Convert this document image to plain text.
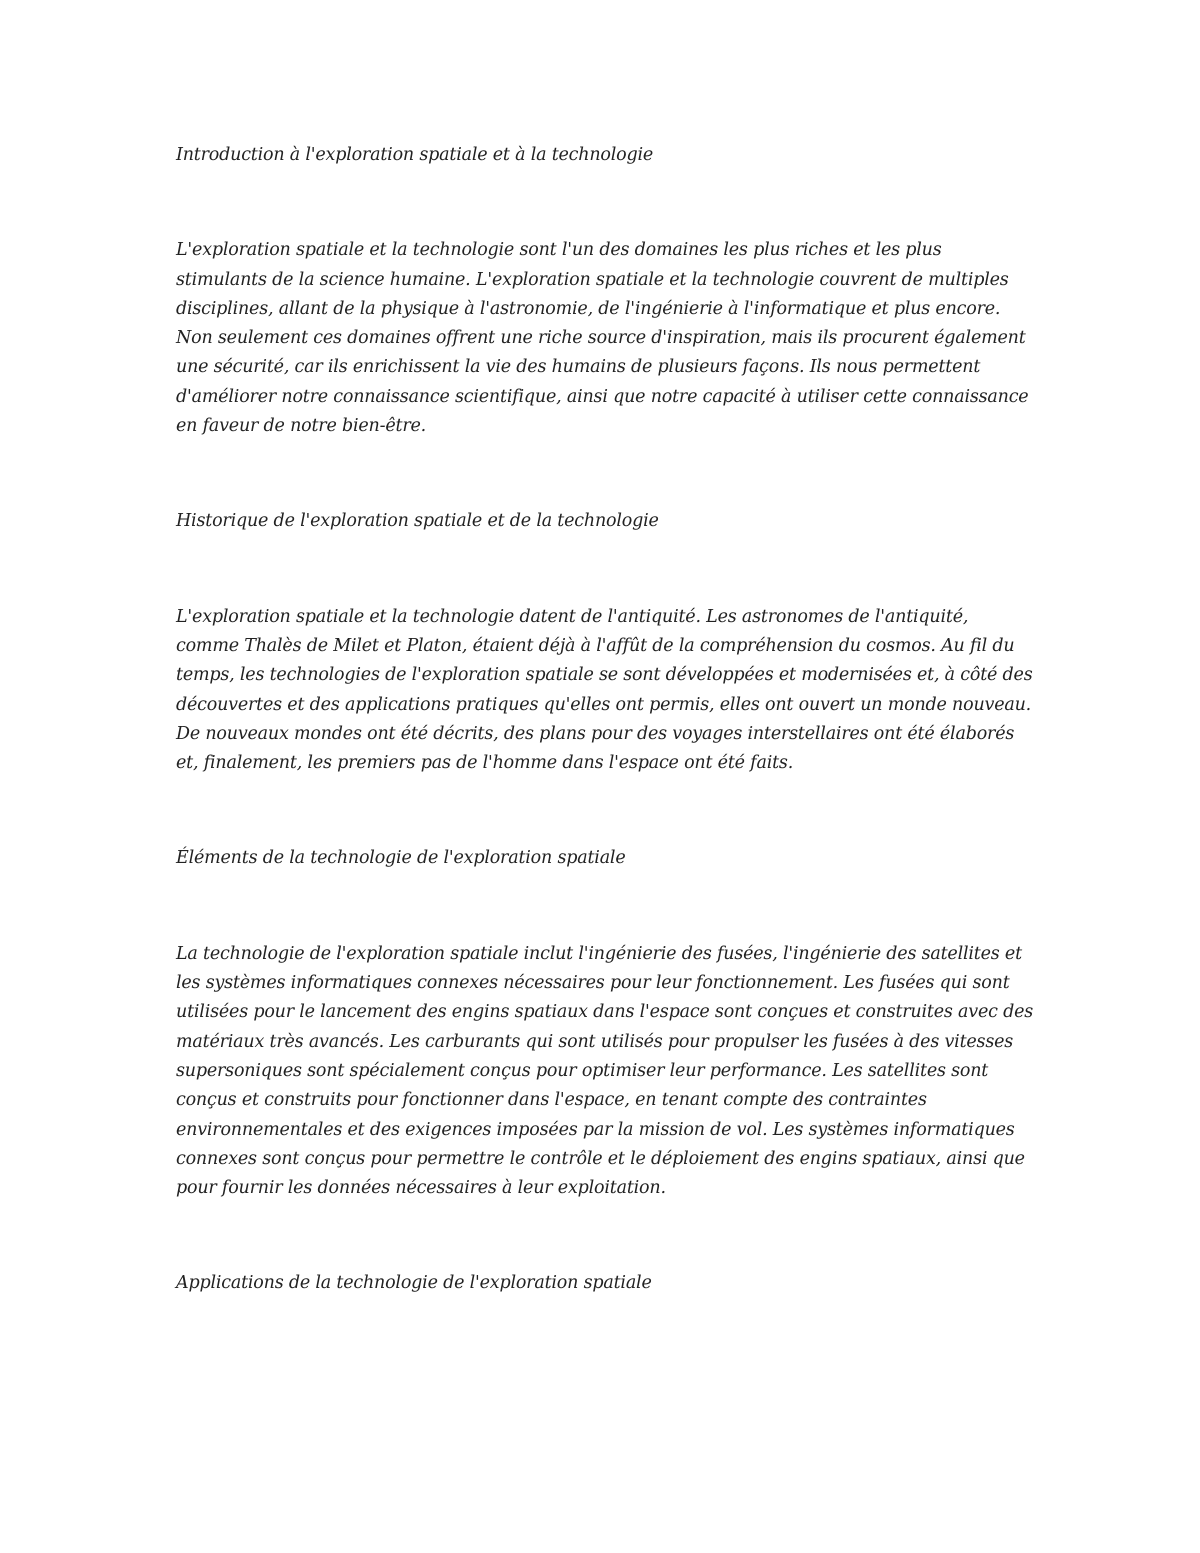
Introduction à l'exploration spatiale et à la technologie

L'exploration spatiale et la technologie sont l'un des domaines les plus riches et les plus stimulants de la science humaine. L'exploration spatiale et la technologie couvrent de multiples disciplines, allant de la physique à l'astronomie, de l'ingénierie à l'informatique et plus encore. Non seulement ces domaines offrent une riche source d'inspiration, mais ils procurent également une sécurité, car ils enrichissent la vie des humains de plusieurs façons. Ils nous permettent d'améliorer notre connaissance scientifique, ainsi que notre capacité à utiliser cette connaissance en faveur de notre bien-être.

Historique de l'exploration spatiale et de la technologie

L'exploration spatiale et la technologie datent de l'antiquité. Les astronomes de l'antiquité, comme Thalès de Milet et Platon, étaient déjà à l'affût de la compréhension du cosmos. Au fil du temps, les technologies de l'exploration spatiale se sont développées et modernisées et, à côté des découvertes et des applications pratiques qu'elles ont permis, elles ont ouvert un monde nouveau. De nouveaux mondes ont été décrits, des plans pour des voyages interstellaires ont été élaborés et, finalement, les premiers pas de l'homme dans l'espace ont été faits.

Éléments de la technologie de l'exploration spatiale

La technologie de l'exploration spatiale inclut l'ingénierie des fusées, l'ingénierie des satellites et les systèmes informatiques connexes nécessaires pour leur fonctionnement. Les fusées qui sont utilisées pour le lancement des engins spatiaux dans l'espace sont conçues et construites avec des matériaux très avancés. Les carburants qui sont utilisés pour propulser les fusées à des vitesses supersoniques sont spécialement conçus pour optimiser leur performance. Les satellites sont conçus et construits pour fonctionner dans l'espace, en tenant compte des contraintes environnementales et des exigences imposées par la mission de vol. Les systèmes informatiques connexes sont conçus pour permettre le contrôle et le déploiement des engins spatiaux, ainsi que pour fournir les données nécessaires à leur exploitation.

Applications de la technologie de l'exploration spatiale
